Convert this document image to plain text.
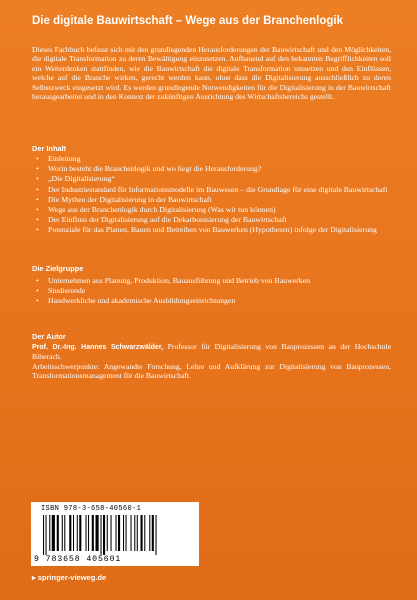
Die digitale Bauwirtschaft – Wege aus der Branchenlogik

Dieses Fachbuch befasst sich mit den grundlegenden Herausforderungen der Bauwirtschaft und den Möglichkeiten, die digitale Transformation zu deren Bewältigung einzusetzen. Aufbauend auf den bekannten Begrifflichkeiten soll ein Weiterdenken stattfinden, wie die Bauwirtschaft die digitale Transformation umsetzen und den Einflüssen, welche auf die Branche wirken, gerecht werden kann, ohne dass die Digitalisierung ausschließlich zu deren Selbstzweck eingesetzt wird. Es werden grundlegende Notwendigkeiten für die Digitalisierung in der Bauwirtschaft herausgearbeitet und in den Kontext der zukünftigen Ausrichtung des Wirtschaftsbereichs gestellt.

Der Inhalt
• Einleitung
• Worin besteht die Branchenlogik und wo liegt die Herausforderung?
• „Die Digitalisierung“
• Der Industriestandard für Informationsmodelle im Bauwesen – die Grundlage für eine digitale Bauwirtschaft
• Die Mythen der Digitalisierung in der Bauwirtschaft
• Wege aus der Branchenlogik durch Digitalisierung (Was wir tun können)
• Der Einfluss der Digitalisierung auf die Dekarbonisierung der Bauwirtschaft
• Potenziale für das Planen, Bauen und Betreiben von Bauwerken (Hypothesen) infolge der Digitalisierung
Die Zielgruppe
• Unternehmen aus Planung, Produktion, Bauausführung und Betrieb von Bauwerken
• Studierende
• Handwerkliche und akademische Ausbildungseinrichtungen
Der Autor

Prof. Dr.-Ing. Hannes Schwarzwälder, Professor für Digitalisierung von Bauprozessen an der Hochschule Biberach.

Arbeitsschwerpunkte: Angewandte Forschung, Lehre und Aufklärung zur Digitalisierung von Bauprozessen, Transformationsmanagement für die Bauwirtschaft.

ISBN 978-3-658-40560-1
9 783658 405601
▸ springer-vieweg.de
